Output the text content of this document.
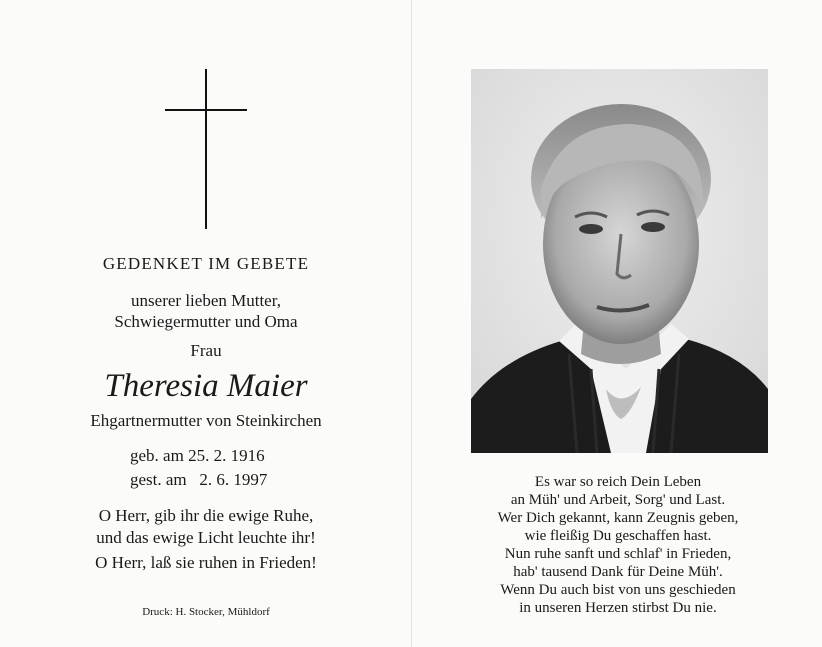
GEDENKET IM GEBETE
unserer lieben Mutter,
Schwiegermutter und Oma
Frau
Theresia Maier
Ehgartnermutter von Steinkirchen
geb. am 25. 2. 1916
gest. am   2. 6. 1997
O Herr, gib ihr die ewige Ruhe,
und das ewige Licht leuchte ihr!
O Herr, laß sie ruhen in Frieden!
Druck: H. Stocker, Mühldorf
Es war so reich Dein Leben
an Müh' und Arbeit, Sorg' und Last.
Wer Dich gekannt, kann Zeugnis geben,
wie fleißig Du geschaffen hast.
Nun ruhe sanft und schlaf' in Frieden,
hab' tausend Dank für Deine Müh'.
Wenn Du auch bist von uns geschieden
in unseren Herzen stirbst Du nie.
